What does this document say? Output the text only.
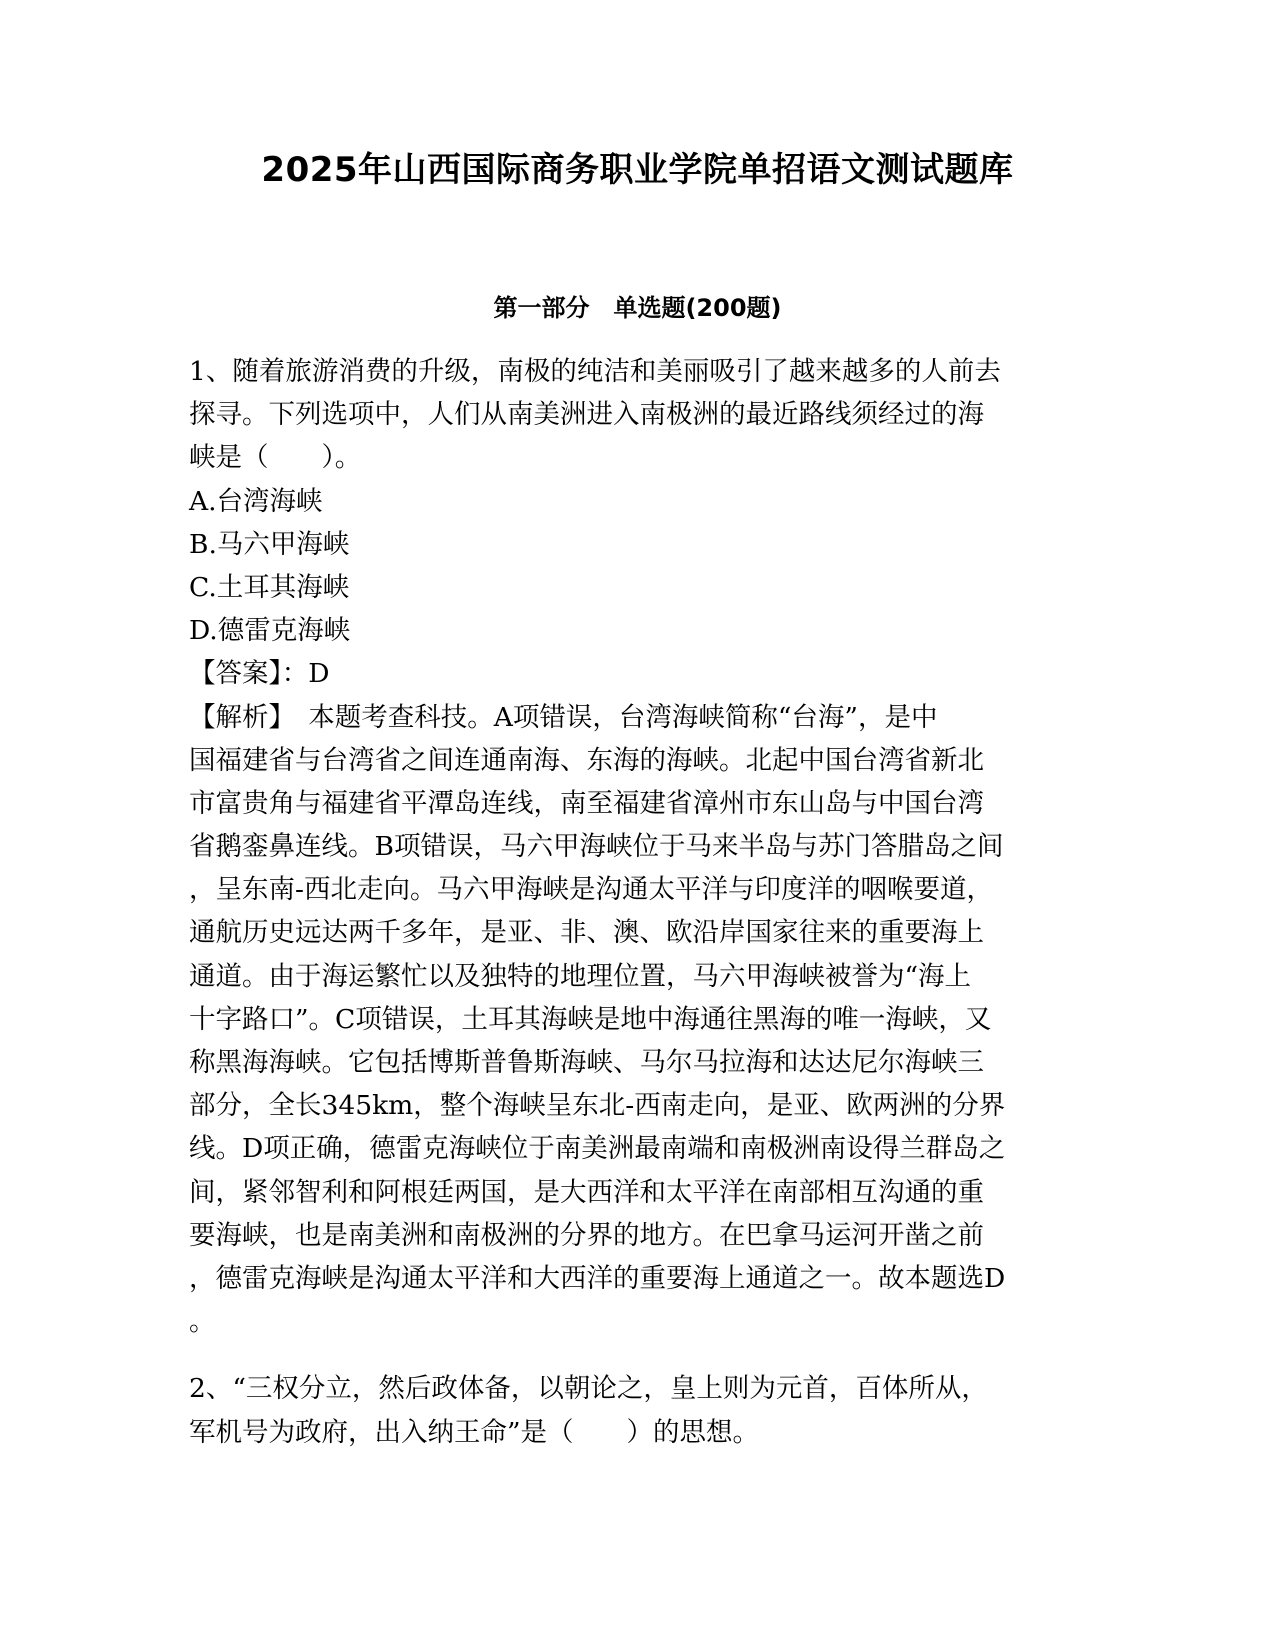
2025年山西国际商务职业学院单招语文测试题库
第一部分　单选题(200题)
1、随着旅游消费的升级，南极的纯洁和美丽吸引了越来越多的人前去
探寻。下列选项中，人们从南美洲进入南极洲的最近路线须经过的海
峡是（　　）。
A.台湾海峡
B.马六甲海峡
C.土耳其海峡
D.德雷克海峡
【答案】：D
【解析】　本题考查科技。A项错误，台湾海峡简称“台海”，是中
国福建省与台湾省之间连通南海、东海的海峡。北起中国台湾省新北
市富贵角与福建省平潭岛连线，南至福建省漳州市东山岛与中国台湾
省鹅銮鼻连线。B项错误，马六甲海峡位于马来半岛与苏门答腊岛之间
，呈东南-西北走向。马六甲海峡是沟通太平洋与印度洋的咽喉要道，
通航历史远达两千多年，是亚、非、澳、欧沿岸国家往来的重要海上
通道。由于海运繁忙以及独特的地理位置，马六甲海峡被誉为“海上
十字路口”。C项错误，土耳其海峡是地中海通往黑海的唯一海峡，又
称黑海海峡。它包括博斯普鲁斯海峡、马尔马拉海和达达尼尔海峡三
部分，全长345km，整个海峡呈东北-西南走向，是亚、欧两洲的分界
线。D项正确，德雷克海峡位于南美洲最南端和南极洲南设得兰群岛之
间，紧邻智利和阿根廷两国，是大西洋和太平洋在南部相互沟通的重
要海峡，也是南美洲和南极洲的分界的地方。在巴拿马运河开凿之前
，德雷克海峡是沟通太平洋和大西洋的重要海上通道之一。故本题选D
。
2、“三权分立，然后政体备，以朝论之，皇上则为元首，百体所从，
军机号为政府，出入纳王命”是（　　）的思想。
